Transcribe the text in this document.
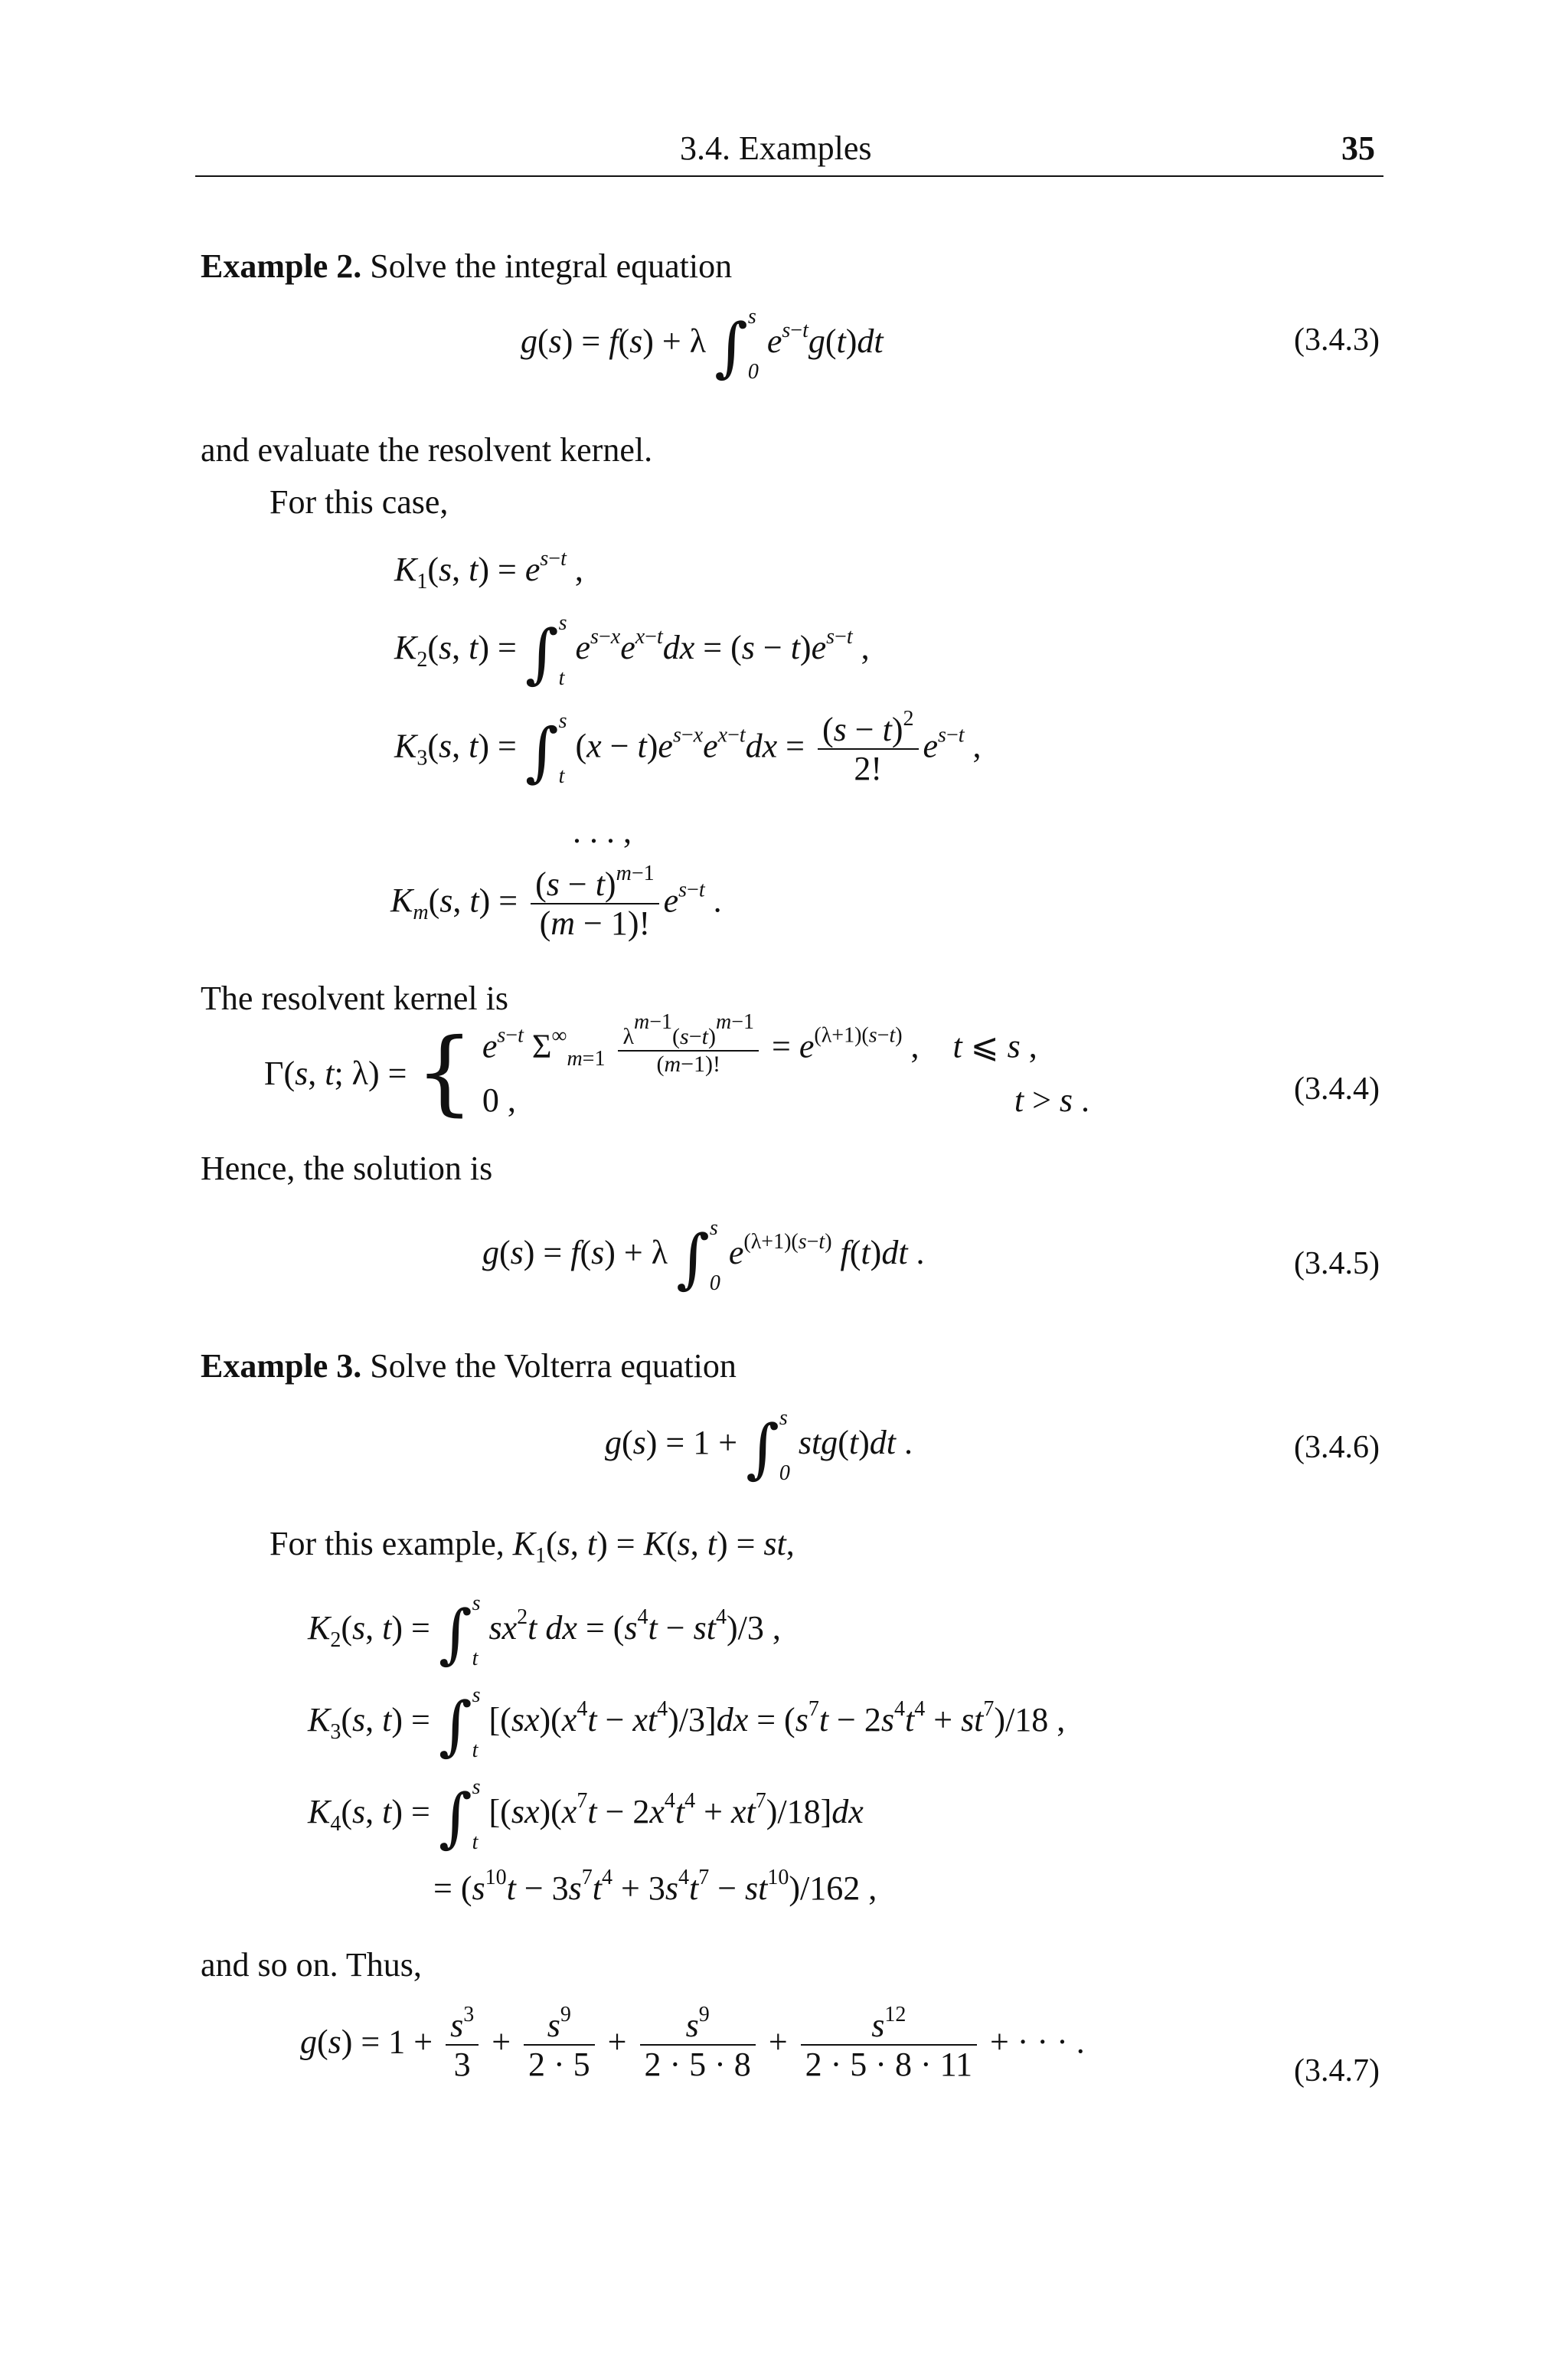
3.4. Examples	35
Example 2. Solve the integral equation
g(s) = f(s) + λ ∫ s
0
$e^{s-t}g(t)dt$	(3.4.3)
and evaluate the resolvent kernel.
For this case,
$K_1(s$, $t) = e^{s-t}$ ,
$K_2(s$, t) = ∫ s
t
$e^{s-x}e^{x-t}dx = (s - t)e^{s-t}$ ,
$K_3(s$, t) = ∫ s
t
$(x - t)e^{s-x}e^{x-t}dx = \frac{(s - t)^2}{2!} e^{s-t}$ ,
. . . ,
$K_m(s$, $t) = \frac{(s - t)^{m-1}}{(m - 1)!} e^{s-t}$ .
The resolvent kernel is
Γ(s, t; λ) = { $e^{s-t}$ $\Sigma^\infty_{m=1} \frac{\lambda^{m-1}(s-t)^{m-1}}{(m-1)!} = e^{(\lambda+1)(s-t)}$ ,    t ⩽ s ,
0 ,	t > s .	(3.4.4)
Hence, the solution is
g(s) = f(s) + λ ∫ s
0
$e^{(\lambda+1)(s-t)}$ f(t)dt .	(3.4.5)
Example 3. Solve the Volterra equation
g(s) = 1 + ∫ s
0
stg(t)dt .	(3.4.6)
For this example, $K_1(s$, t) = K(s, t) = st,
$K_2(s$, t) = ∫ s
t
$sx^2t$ dx = $(s^4t - st^4)/3$ ,
$K_3(s$, t) = ∫ s
t
$[(sx)(x^4t - xt^4)/3]dx = (s^7t - 2s^4t^4 + st^7)/18$ ,
$K_4(s$, t) = ∫ s
t
$[(sx)(x^7t - 2x^4t^4 + xt^7)/18]dx$
= $(s^{10}t - 3s^7t^4 + 3s^4t^7 - st^{10})/162$ ,
and so on. Thus,
$g(s) = 1 + \frac{s^3}{3} + \frac{s^9}{2 \cdot 5} + \frac{s^9}{2 \cdot 5 \cdot 8} + \frac{s^{12}}{2 \cdot 5 \cdot 8 \cdot 11}$ + · · · .
(3.4.7)
